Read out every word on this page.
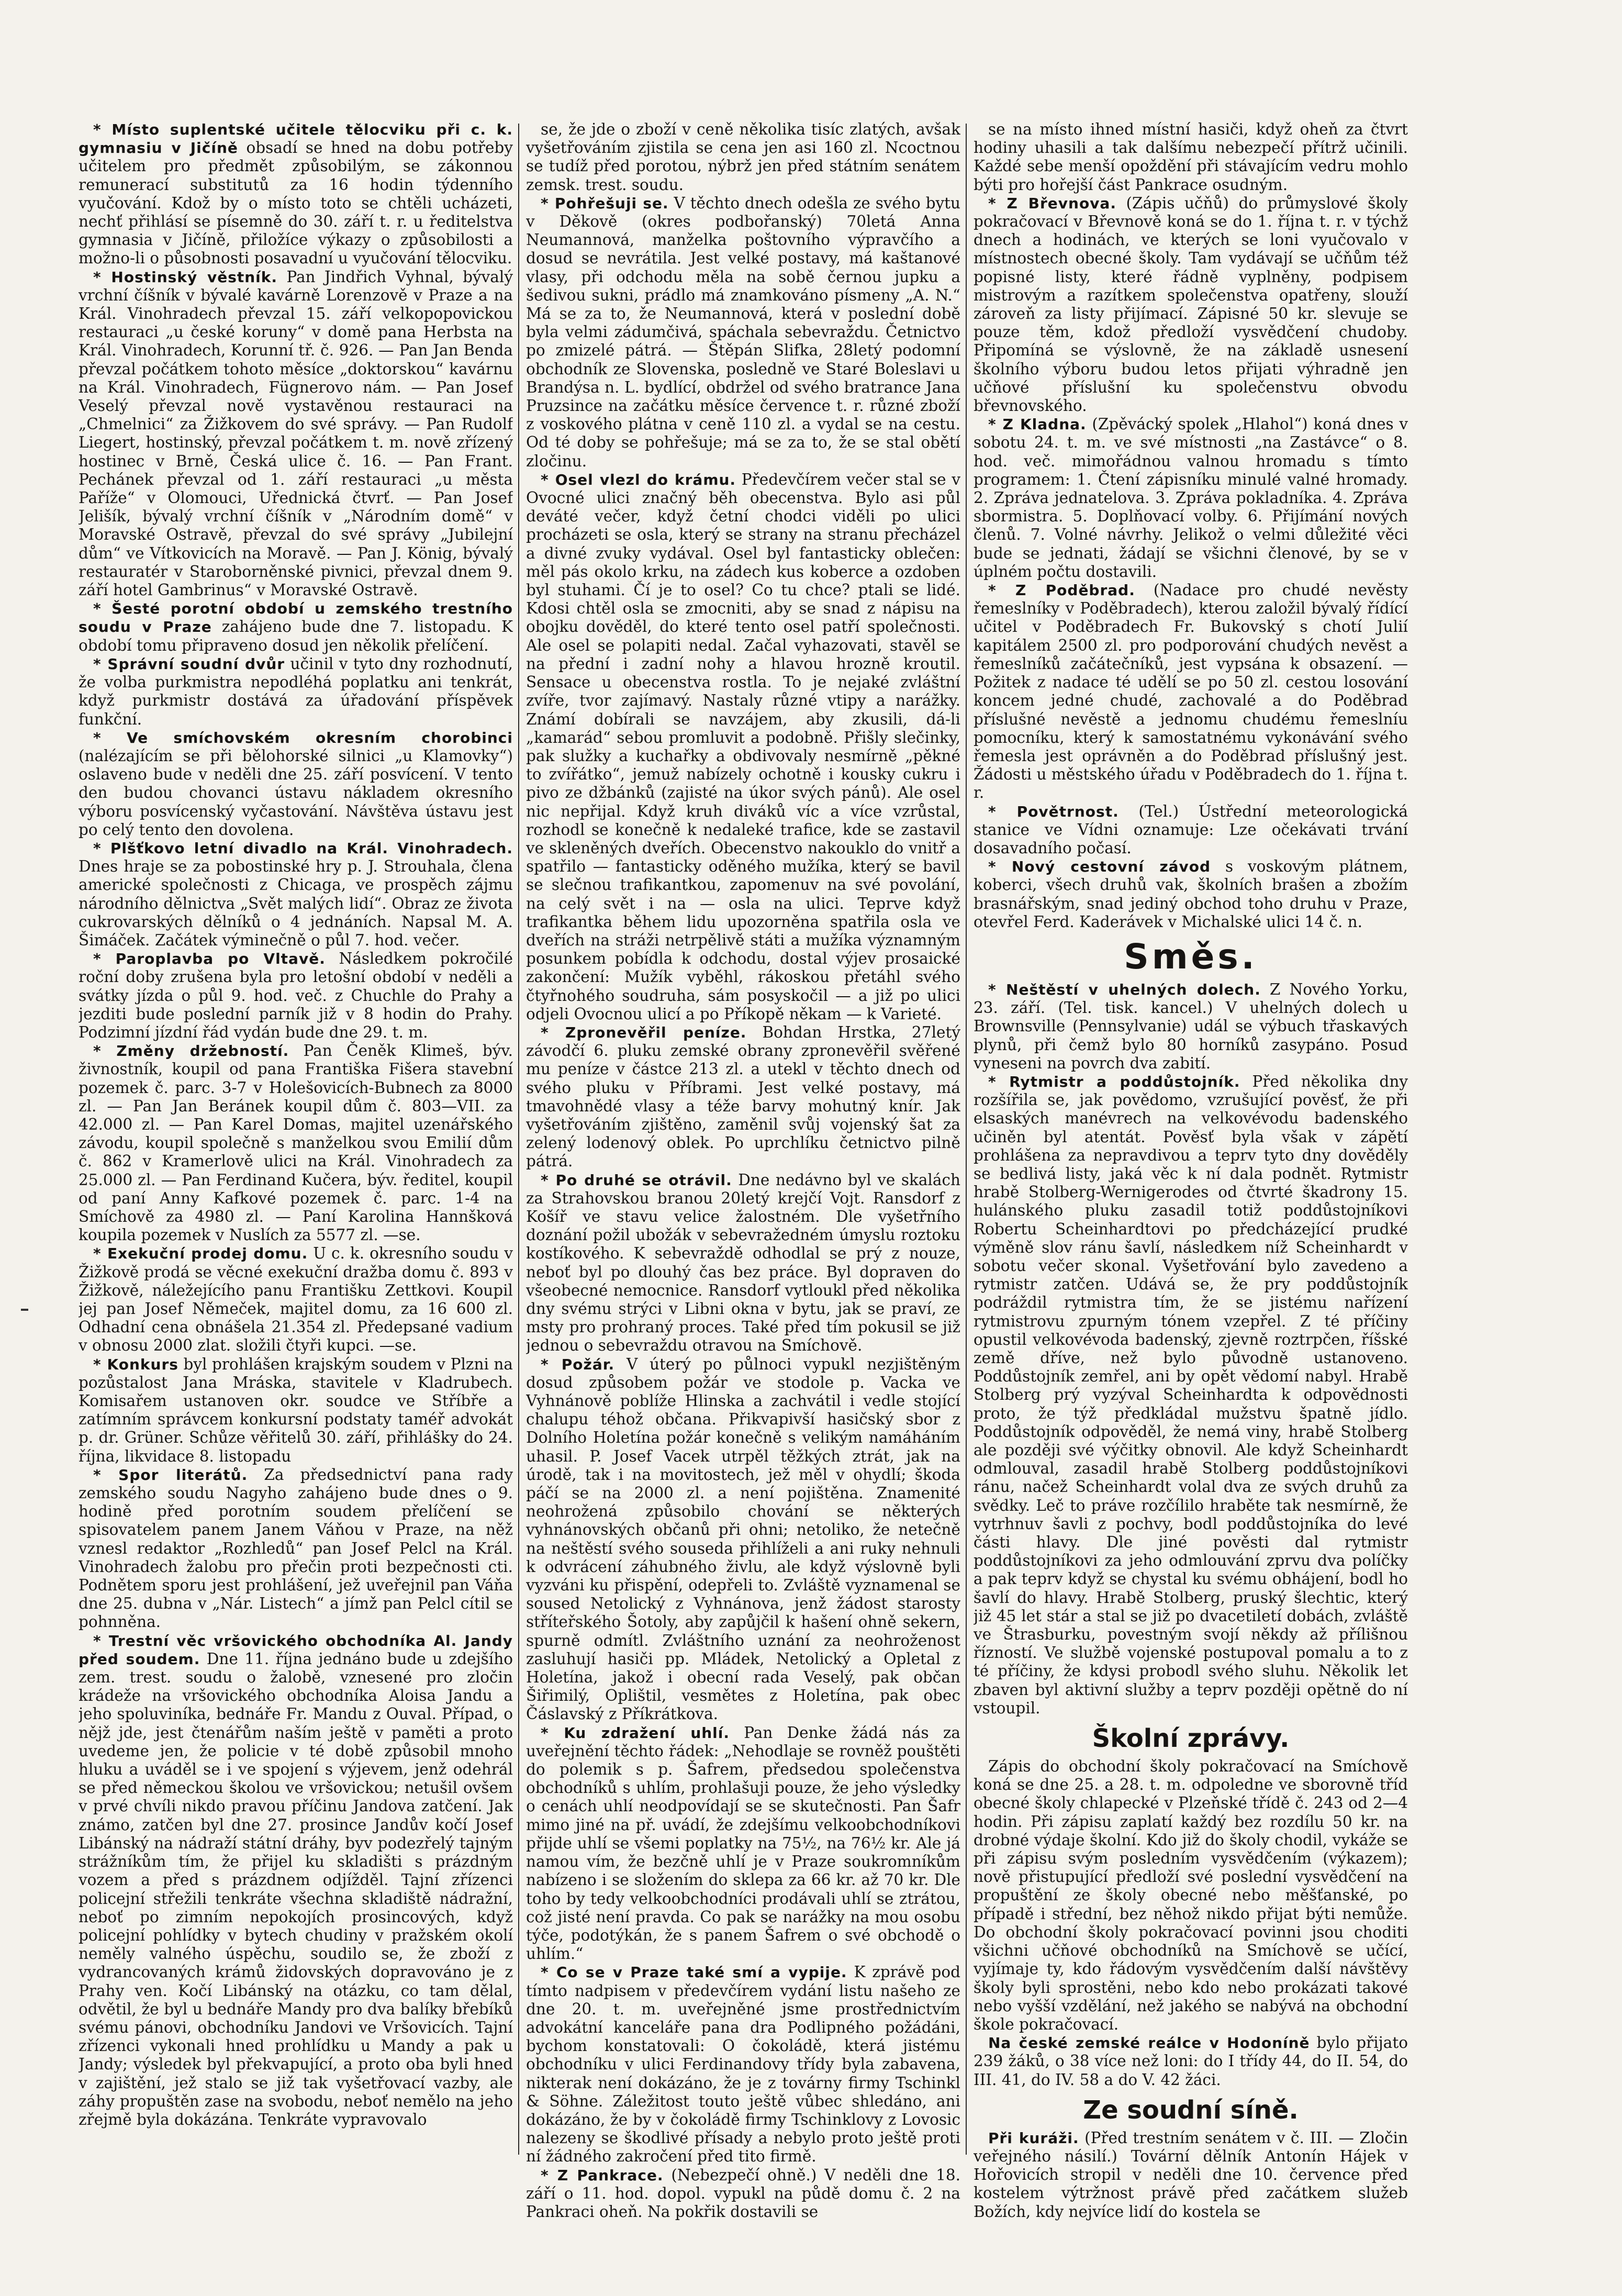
* Místo suplentské učitele tělocviku při c. k. gymnasiu v Jičíně obsadí se hned na dobu potřeby učitelem pro předmět způsobilým, se zákonnou remunerací substitutů za 16 hodin týdenního vyučování. Kdož by o místo toto se chtěli ucházeti, nechť přihlásí se písemně do 30. září t. r. u ředitelstva gymnasia v Jičíně, přiložíce výkazy o způsobilosti a možno-li o působnosti posavadní u vyučování tělocviku.

* Hostinský věstník. Pan Jindřich Vyhnal, bývalý vrchní číšník v bývalé kavárně Lorenzově v Praze a na Král. Vinohradech převzal 15. září velkopopovickou restauraci „u české koruny“ v domě pana Herbsta na Král. Vinohradech, Korunní tř. č. 926. — Pan Jan Benda převzal počátkem tohoto měsíce „doktorskou“ kavárnu na Král. Vinohradech, Fügnerovo nám. — Pan Josef Veselý převzal nově vystavěnou restauraci na „Chmelnici“ za Žižkovem do své správy. — Pan Rudolf Liegert, hostinský, převzal počátkem t. m. nově zřízený hostinec v Brně, Česká ulice č. 16. — Pan Frant. Pechánek převzal od 1. září restauraci „u města Paříže“ v Olomouci, Uřednická čtvrť. — Pan Josef Jelišík, bývalý vrchní číšník v „Národním domě“ v Moravské Ostravě, převzal do své správy „Jubilejní dům“ ve Vítkovicích na Moravě. — Pan J. König, bývalý restauratér v Staroborněnské pivnici, převzal dnem 9. září hotel Gambrinus“ v Moravské Ostravě.

* Šesté porotní období u zemského trestního soudu v Praze zahájeno bude dne 7. listopadu. K období tomu připraveno dosud jen několik přelíčení.

* Správní soudní dvůr učinil v tyto dny rozhodnutí, že volba purkmistra nepodléhá poplatku ani tenkrát, když purkmistr dostává za úřadování příspěvek funkční.

* Ve smíchovském okresním chorobinci (nalézajícím se při bělohorské silnici „u Klamovky“) oslaveno bude v neděli dne 25. září posvícení. V tento den budou chovanci ústavu nákladem okresního výboru posvícenský vyčastování. Návštěva ústavu jest po celý tento den dovolena.

* Plšťkovo letní divadlo na Král. Vinohradech. Dnes hraje se za pobostinské hry p. J. Strouhala, člena americké společnosti z Chicaga, ve prospěch zájmu národního dělnictva „Svět malých lidí“. Obraz ze života cukrovarských dělníků o 4 jednáních. Napsal M. A. Šimáček. Začátek výminečně o půl 7. hod. večer.

* Paroplavba po Vltavě. Následkem pokročilé roční doby zrušena byla pro letošní období v neděli a svátky jízda o půl 9. hod. več. z Chuchle do Prahy a jezditi bude poslední parník již v 8 hodin do Prahy. Podzimní jízdní řád vydán bude dne 29. t. m.

* Změny držebností. Pan Čeněk Klimeš, býv. živnostník, koupil od pana Františka Fišera stavební pozemek č. parc. 3-7 v Holešovicích-Bubnech za 8000 zl. — Pan Jan Beránek koupil dům č. 803—VII. za 42.000 zl. — Pan Karel Domas, majitel uzenářského závodu, koupil společně s manželkou svou Emilií dům č. 862 v Kramerlově ulici na Král. Vinohradech za 25.000 zl. — Pan Ferdinand Kučera, býv. ředitel, koupil od paní Anny Kafkové pozemek č. parc. 1-4 na Smíchově za 4980 zl. — Paní Karolina Hannšková koupila pozemek v Nuslích za 5577 zl. —se.

* Exekuční prodej domu. U c. k. okresního soudu v Žižkově prodá se věcné exekuční dražba domu č. 893 v Žižkově, náležejícího panu Františku Zettkovi. Koupil jej pan Josef Němeček, majitel domu, za 16 600 zl. Odhadní cena obnášela 21.354 zl. Předepsané vadium v obnosu 2000 zlat. složili čtyři kupci. —se.

* Konkurs byl prohlášen krajským soudem v Plzni na pozůstalost Jana Mráska, stavitele v Kladrubech. Komisařem ustanoven okr. soudce ve Stříbře a zatímním správcem konkursní podstaty taméř advokát p. dr. Grüner. Schůze věřitelů 30. září, přihlášky do 24. října, likvidace 8. listopadu

* Spor literátů. Za předsednictví pana rady zemského soudu Nagyho zahájeno bude dnes o 9. hodině před porotním soudem přelíčení se spisovatelem panem Janem Váňou v Praze, na něž vznesl redaktor „Rozhledů“ pan Josef Pelcl na Král. Vinohradech žalobu pro přečin proti bezpečnosti cti. Podnětem sporu jest prohlášení, jež uveřejnil pan Váňa dne 25. dubna v „Nár. Listech“ a jímž pan Pelcl cítil se pohnněna.

* Trestní věc vršovického obchodníka Al. Jandy před soudem. Dne 11. října jednáno bude u zdejšího zem. trest. soudu o žalobě, vznesené pro zločin krádeže na vršovického obchodníka Aloisa Jandu a jeho spoluviníka, bednáře Fr. Mandu z Ouval. Případ, o nějž jde, jest čtenářům naším ještě v paměti a proto uvedeme jen, že policie v té době způsobil mnoho hluku a uváděl se i ve spojení s výjevem, jenž odehrál se před německou školou ve vršovickou; netušil ovšem v prvé chvíli nikdo pravou příčinu Jandova zatčení. Jak známo, zatčen byl dne 27. prosince Jandův kočí Josef Libánský na nádraží státní dráhy, byv podezřelý tajným strážníkům tím, že přijel ku skladišti s prázdným vozem a před s prázdnem odjížděl. Tajní zřízenci policejní střežili tenkráte všechna skladiště nádražní, neboť po zimním nepokojích prosincových, když policejní pohlídky v bytech chudiny v pražském okolí neměly valného úspěchu, soudilo se, že zboží z vydrancovaných krámů židovských dopravováno je z Prahy ven. Kočí Libánský na otázku, co tam dělal, odvětil, že byl u bednáře Mandy pro dva balíky břebíků svému pánovi, obchodníku Jandovi ve Vršovicích. Tajní zřízenci vykonali hned prohlídku u Mandy a pak u Jandy; výsledek byl překvapující, a proto oba byli hned v zajištění, jež stalo se již tak vyšetřovací vazby, ale záhy propuštěn zase na svobodu, neboť nemělo na jeho zřejmě byla dokázána. Tenkráte vypravovalo

se, že jde o zboží v ceně několika tisíc zlatých, avšak vyšetřováním zjistila se cena jen asi 160 zl. Ncoctnou se tudíž před porotou, nýbrž jen před státním senátem zemsk. trest. soudu.

* Pohřešuji se. V těchto dnech odešla ze svého bytu v Děkově (okres podbořanský) 70letá Anna Neumannová, manželka poštovního výpravčího a dosud se nevrátila. Jest velké postavy, má kaštanové vlasy, při odchodu měla na sobě černou jupku a šedivou sukni, prádlo má znamkováno písmeny „A. N.“ Má se za to, že Neumannová, která v poslední době byla velmi zádumčivá, spáchala sebevraždu. Četnictvo po zmizelé pátrá. — Štěpán Slifka, 28letý podomní obchodník ze Slovenska, posledně ve Staré Boleslavi u Brandýsa n. L. bydlící, obdržel od svého bratrance Jana Pruzsince na začátku měsíce července t. r. různé zboží z voskového plátna v ceně 110 zl. a vydal se na cestu. Od té doby se pohřešuje; má se za to, že se stal obětí zločinu.

* Osel vlezl do krámu. Předevčírem večer stal se v Ovocné ulici značný běh obecenstva. Bylo asi půl deváté večer, když četní chodci viděli po ulici procházeti se osla, který se strany na stranu přecházel a divné zvuky vydával. Osel byl fantasticky oblečen: měl pás okolo krku, na zádech kus koberce a ozdoben byl stuhami. Čí je to osel? Co tu chce? ptali se lidé. Kdosi chtěl osla se zmocniti, aby se snad z nápisu na obojku dověděl, do které tento osel patří společnosti. Ale osel se polapiti nedal. Začal vyhazovati, stavěl se na přední i zadní nohy a hlavou hrozně kroutil. Sensace u obecenstva rostla. To je nejaké zvláštní zvíře, tvor zajímavý. Nastaly různé vtipy a narážky. Známí dobírali se navzájem, aby zkusili, dá-li „kamarád“ sebou promluvit a podobně. Přišly slečinky, pak služky a kuchařky a obdivovaly nesmírně „pěkné to zvířátko“, jemuž nabízely ochotně i kousky cukru i pivo ze džbánků (zajisté na úkor svých pánů). Ale osel nic nepřijal. Když kruh diváků víc a více vzrůstal, rozhodl se konečně k nedaleké trafice, kde se zastavil ve skleněných dveřích. Obecenstvo nakouklo do vnitř a spatřilo — fantasticky oděného mužíka, který se bavil se slečnou trafikantkou, zapomenuv na své povolání, na celý svět i na — osla na ulici. Teprve když trafikantka během lidu upozorněna spatřila osla ve dveřích na stráži netrpělivě státi a mužíka významným posunkem pobídla k odchodu, dostal výjev prosaické zakončení: Mužík vyběhl, rákoskou přetáhl svého čtyřnohého soudruha, sám posyskočil — a již po ulici odjeli Ovocnou ulicí a po Příkopě někam — k Varieté.

* Zpronevěřil peníze. Bohdan Hrstka, 27letý závodčí 6. pluku zemské obrany zpronevěřil svěřené mu peníze v částce 213 zl. a utekl v těchto dnech od svého pluku v Příbrami. Jest velké postavy, má tmavohnědé vlasy a téže barvy mohutný knír. Jak vyšetřováním zjištěno, zaměnil svůj vojenský šat za zelený lodenový oblek. Po uprchlíku četnictvo pilně pátrá.

* Po druhé se otrávil. Dne nedávno byl ve skalách za Strahovskou branou 20letý krejčí Vojt. Ransdorf z Košíř ve stavu velice žalostném. Dle vyšetřního doznání požil ubožák v sebevražedném úmyslu roztoku kostíkového. K sebevraždě odhodlal se prý z nouze, neboť byl po dlouhý čas bez práce. Byl dopraven do všeobecné nemocnice. Ransdorf vytloukl před několika dny svému strýci v Libni okna v bytu, jak se praví, ze msty pro prohraný proces. Také před tím pokusil se již jednou o sebevraždu otravou na Smíchově.

* Požár. V úterý po půlnoci vypukl nezjištěným dosud způsobem požár ve stodole p. Vacka ve Vyhnánově poblíže Hlinska a zachvátil i vedle stojící chalupu téhož občana. Přikvapivší hasičský sbor z Dolního Holetína požár konečně s velikým namáháním uhasil. P. Josef Vacek utrpěl těžkých ztrát, jak na úrodě, tak i na movitostech, jež měl v ohydlí; škoda páčí se na 2000 zl. a není pojištěna. Znamenité neohrožená způsobilo chování se některých vyhnánovských občanů při ohni; netoliko, že netečně na neštěstí svého souseda přihlíželi a ani ruky nehnuli k odvrácení záhubného živlu, ale když výslovně byli vyzváni ku přispění, odepřeli to. Zvláště vyznamenal se soused Netolický z Vyhnánova, jenž žádost starosty stříteřského Šotoly, aby zapůjčil k hašení ohně sekern, spurně odmítl. Zvláštního uznání za neohroženost zasluhují hasiči pp. Mládek, Netolický a Opletal z Holetína, jakož i obecní rada Veselý, pak občan Šiřimilý, Oplištil, vesmětes z Holetína, pak obec Čáslavský z Příkrátkova.

* Ku zdražení uhlí. Pan Denke žádá nás za uveřejnění těchto řádek: „Nehodlaje se rovněž pouštěti do polemik s p. Šafrem, předsedou společenstva obchodníků s uhlím, prohlašuji pouze, že jeho výsledky o cenách uhlí neodpovídají se se skutečnosti. Pan Šafr mimo jiné na př. uvádí, že zdejšímu velkoobchodníkovi přijde uhlí se všemi poplatky na 75½, na 76½ kr. Ale já namou vím, že bezčně uhlí je v Praze soukromníkům nabízeno i se složením do sklepa za 66 kr. až 70 kr. Dle toho by tedy velkoobchodníci prodávali uhlí se ztrátou, což jisté není pravda. Co pak se narážky na mou osobu týče, podotýkán, že s panem Šafrem o své obchodě o uhlím.“

* Co se v Praze také smí a vypije. K zprávě pod tímto nadpisem v předevčírem vydání listu našeho ze dne 20. t. m. uveřejněné jsme prostřednictvím advokátní kanceláře pana dra Podlipného požádáni, bychom konstatovali: O čokoládě, která jistému obchodníku v ulici Ferdinandovy třídy byla zabavena, nikterak není dokázáno, že je z továrny firmy Tschinkl & Söhne. Záležitost touto ještě vůbec shledáno, ani dokázáno, že by v čokoládě firmy Tschinklovy z Lovosic nalezeny se škodlivé přísady a nebylo proto ještě proti ní žádného zakročení před tito firmě.

* Z Pankrace. (Nebezpečí ohně.) V neděli dne 18. září o 11. hod. dopol. vypukl na půdě domu č. 2 na Pankraci oheň. Na pokřik dostavili se

se na místo ihned místní hasiči, když oheň za čtvrt hodiny uhasili a tak dalšímu nebezpečí přítrž učinili. Každé sebe menší opoždění při stávajícím vedru mohlo býti pro hořejší část Pankrace osudným.

* Z Břevnova. (Zápis učňů) do průmyslové školy pokračovací v Břevnově koná se do 1. října t. r. v týchž dnech a hodinách, ve kterých se loni vyučovalo v místnostech obecné školy. Tam vydávají se učňům též popisné listy, které řádně vyplněny, podpisem mistrovým a razítkem společenstva opatřeny, slouží zároveň za listy přijímací. Zápisné 50 kr. slevuje se pouze těm, kdož předloží vysvědčení chudoby. Připomíná se výslovně, že na základě usnesení školního výboru budou letos přijati výhradně jen učňové příslušní ku společenstvu obvodu břevnovského.

* Z Kladna. (Zpěvácký spolek „Hlahol“) koná dnes v sobotu 24. t. m. ve své místnosti „na Zastávce“ o 8. hod. več. mimořádnou valnou hromadu s tímto programem: 1. Čtení zápisníku minulé valné hromady. 2. Zpráva jednatelova. 3. Zpráva pokladníka. 4. Zpráva sbormistra. 5. Doplňovací volby. 6. Přijímání nových členů. 7. Volné návrhy. Jelikož o velmi důležité věci bude se jednati, žádají se všichni členové, by se v úplném počtu dostavili.

* Z Poděbrad. (Nadace pro chudé nevěsty řemeslníky v Poděbradech), kterou založil bývalý řídící učitel v Poděbradech Fr. Bukovský s chotí Julií kapitálem 2500 zl. pro podporování chudých nevěst a řemeslníků začátečníků, jest vypsána k obsazení. — Požitek z nadace té udělí se po 50 zl. cestou losování koncem jedné chudé, zachovalé a do Poděbrad příslušné nevěstě a jednomu chudému řemeslníu pomocníku, který k samostatnému vykonávání svého řemesla jest oprávněn a do Poděbrad příslušný jest. Žádosti u městského úřadu v Poděbradech do 1. října t. r.

* Povětrnost. (Tel.) Ústřední meteorologická stanice ve Vídni oznamuje: Lze očekávati trvání dosavadního počasí.

* Nový cestovní závod s voskovým plátnem, koberci, všech druhů vak, školních brašen a zbožím brasnářským, snad jediný obchod toho druhu v Praze, otevřel Ferd. Kaderávek v Michalské ulici 14 č. n.

Směs.

* Neštěstí v uhelných dolech. Z Nového Yorku, 23. září. (Tel. tisk. kancel.) V uhelných dolech u Brownsville (Pennsylvanie) udál se výbuch třaskavých plynů, při čemž bylo 80 horníků zasypáno. Posud vyneseni na povrch dva zabití.

* Rytmistr a poddůstojník. Před několika dny rozšířila se, jak povědomo, vzrušující pověsť, že při elsaských manévrech na velkovévodu badenského učiněn byl atentát. Pověsť byla však v zápětí prohlášena za nepravdivou a teprv tyto dny dověděly se bedlivá listy, jaká věc k ní dala podnět. Rytmistr hrabě Stolberg-Wernigerodes od čtvrté škadrony 15. hulánského pluku zasadil totiž poddůstojníkovi Robertu Scheinhardtovi po předcházející prudké výměně slov ránu šavlí, následkem níž Scheinhardt v sobotu večer skonal. Vyšetřování bylo zavedeno a rytmistr zatčen. Udává se, že pry poddůstojník podráždil rytmistra tím, že se jistému nařízení rytmistrovu zpurným tónem vzepřel. Z té příčiny opustil velkovévoda badenský, zjevně roztrpčen, říšské země dříve, než bylo původně ustanoveno. Poddůstojník zemřel, ani by opět vědomí nabyl. Hrabě Stolberg prý vyzýval Scheinhardta k odpovědnosti proto, že týž předkládal mužstvu špatně jídlo. Poddůstojník odpověděl, že nemá viny, hrabě Stolberg ale později své výčitky obnovil. Ale když Scheinhardt odmlouval, zasadil hrabě Stolberg poddůstojníkovi ránu, načež Scheinhardt volal dva ze svých druhů za svědky. Leč to práve rozčílilo hraběte tak nesmírně, že vytrhnuv šavli z pochvy, bodl poddůstojníka do levé části hlavy. Dle jiné pověsti dal rytmistr poddůstojníkovi za jeho odmlouvání zprvu dva políčky a pak teprv když se chystal ku svému obhájení, bodl ho šavlí do hlavy. Hrabě Stolberg, pruský šlechtic, který již 45 let stár a stal se již po dvacetiletí dobách, zvláště ve Štrasburku, povestným svojí někdy až přílišnou řízností. Ve službě vojenské postupoval pomalu a to z té příčiny, že kdysi probodl svého sluhu. Několik let zbaven byl aktivní služby a teprv později opětně do ní vstoupil.

Školní zprávy.

Zápis do obchodní školy pokračovací na Smíchově koná se dne 25. a 28. t. m. odpoledne ve sborovně tříd obecné školy chlapecké v Plzeňské třídě č. 243 od 2—4 hodin. Při zápisu zaplatí každý bez rozdílu 50 kr. na drobné výdaje školní. Kdo již do školy chodil, vykáže se při zápisu svým posledním vysvědčením (výkazem); nově přistupující předloží své poslední vysvědčení na propuštění ze školy obecné nebo měšťanské, po případě i střední, bez něhož nikdo přijat býti nemůže. Do obchodní školy pokračovací povinni jsou choditi všichni učňové obchodníků na Smíchově se učící, vyjímaje ty, kdo řádovým vysvědčením další návštěvy školy byli sprostěni, nebo kdo nebo prokázati takové nebo vyšší vzdělání, než jakého se nabývá na obchodní škole pokračovací.

Na české zemské reálce v Hodoníně bylo přijato 239 žáků, o 38 více než loni: do I třídy 44, do II. 54, do III. 41, do IV. 58 a do V. 42 žáci.

Ze soudní síně.

Při kuráži. (Před trestním senátem v č. III. — Zločin veřejného násilí.) Tovární dělník Antonín Hájek v Hořovicích stropil v neděli dne 10. července před kostelem výtržnost právě před začátkem služeb Božích, kdy nejvíce lidí do kostela se
